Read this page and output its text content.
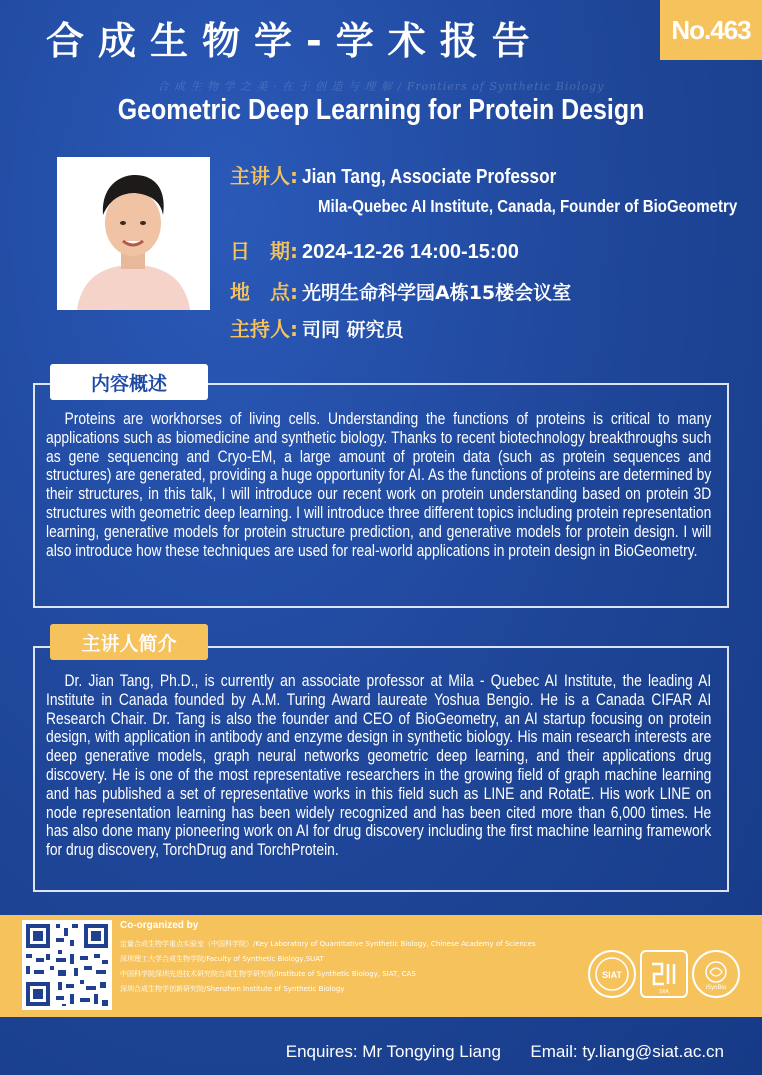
合成生物学-学术报告	No.463
合 成 生 物 学 之 美 · 在 于 创 造 与 理 解 / Frontiers of Synthetic Biology
Geometric Deep Learning for Protein Design
主讲人: Jian Tang, Associate Professor
Mila-Quebec AI Institute, Canada, Founder of BioGeometry
日　期: 2024-12-26 14:00-15:00
地　点: 光明生命科学园A栋15楼会议室
主持人: 司同 研究员
内容概述
Proteins are workhorses of living cells. Understanding the functions of proteins is critical to many applications such as biomedicine and synthetic biology. Thanks to recent biotechnology breakthroughs such as gene sequencing and Cryo-EM, a large amount of protein data (such as protein sequences and structures) are generated, providing a huge opportunity for AI. As the functions of proteins are determined by their structures, in this talk, I will introduce our recent work on protein understanding based on protein 3D structures with geometric deep learning. I will introduce three different topics including protein representation learning, generative models for protein structure prediction, and generative models for protein design. I will also introduce how these techniques are used for real-world applications in protein design in BioGeometry.
主讲人简介
Dr. Jian Tang, Ph.D., is currently an associate professor at Mila - Quebec AI Institute, the leading AI Institute in Canada founded by A.M. Turing Award laureate Yoshua Bengio. He is a Canada CIFAR AI Research Chair. Dr. Tang is also the founder and CEO of BioGeometry, an AI startup focusing on protein design, with application in antibody and enzyme design in synthetic biology. His main research interests are deep generative models, graph neural networks geometric deep learning, and their applications drug discovery. He is one of the most representative researchers in the growing field of graph machine learning and has published a set of representative works in this field such as LINE and RotatE. His work LINE on node representation learning has been widely recognized and has been cited more than 6,000 times. He has also done many pioneering work on AI for drug discovery including the first machine learning framework for drug discovery, TorchDrug and TorchProtein.
Co-organized by
定量合成生物学重点实验室（中国科学院）/Key Laboratory of Quantitative Synthetic Biology, Chinese Academy of Sciences
深圳理工大学合成生物学院/Faculty of Synthetic Biology,SUAT
中国科学院深圳先进技术研究院合成生物学研究所/Institute of Synthetic Biology, SIAT, CAS
深圳合成生物学创新研究院/Shenzhen Institute of Synthetic Biology
SIAT
SIIA
iSynBio
Enquires: Mr Tongying Liang Email: ty.liang@siat.ac.cn
